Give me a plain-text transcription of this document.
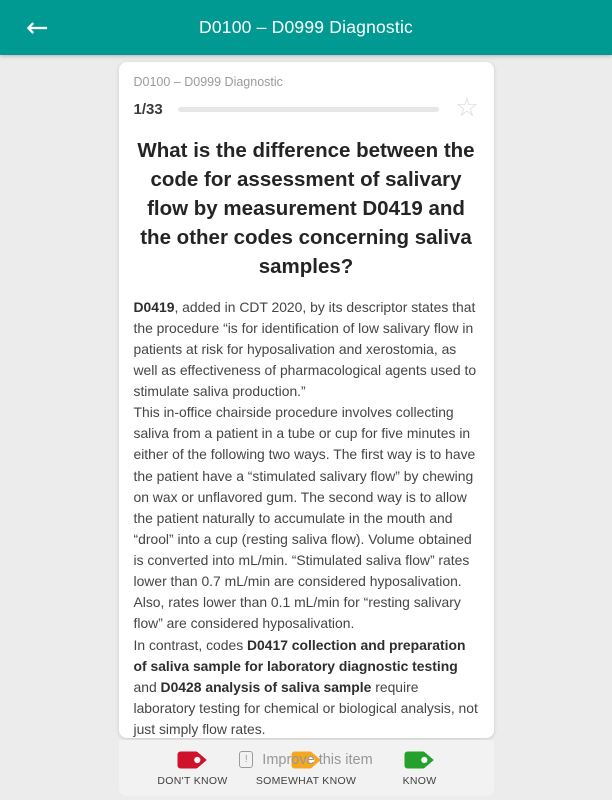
←	D0100 – D0999 Diagnostic
D0100 – D0999 Diagnostic
1/33	☆
What is the difference between the code for assessment of salivary flow by measurement D0419 and the other codes concerning saliva samples?
D0419, added in CDT 2020, by its descriptor states that the procedure “is for identification of low salivary flow in patients at risk for hyposalivation and xerostomia, as well as effectiveness of pharmacological agents used to stimulate saliva production.”
This in-office chairside procedure involves collecting saliva from a patient in a tube or cup for five minutes in either of the following two ways. The first way is to have the patient have a “stimulated salivary flow” by chewing on wax or unflavored gum. The second way is to allow the patient naturally to accumulate in the mouth and “drool” into a cup (resting saliva flow). Volume obtained is converted into mL/min. “Stimulated saliva flow” rates lower than 0.7 mL/min are considered hyposalivation. Also, rates lower than 0.1 mL/min for “resting salivary flow” are considered hyposalivation.
In contrast, codes D0417 collection and preparation of saliva sample for laboratory diagnostic testing and D0428 analysis of saliva sample require laboratory testing for chemical or biological analysis, not just simply flow rates.
DON'T KNOW	SOMEWHAT KNOW	KNOW
!	Improve this item
